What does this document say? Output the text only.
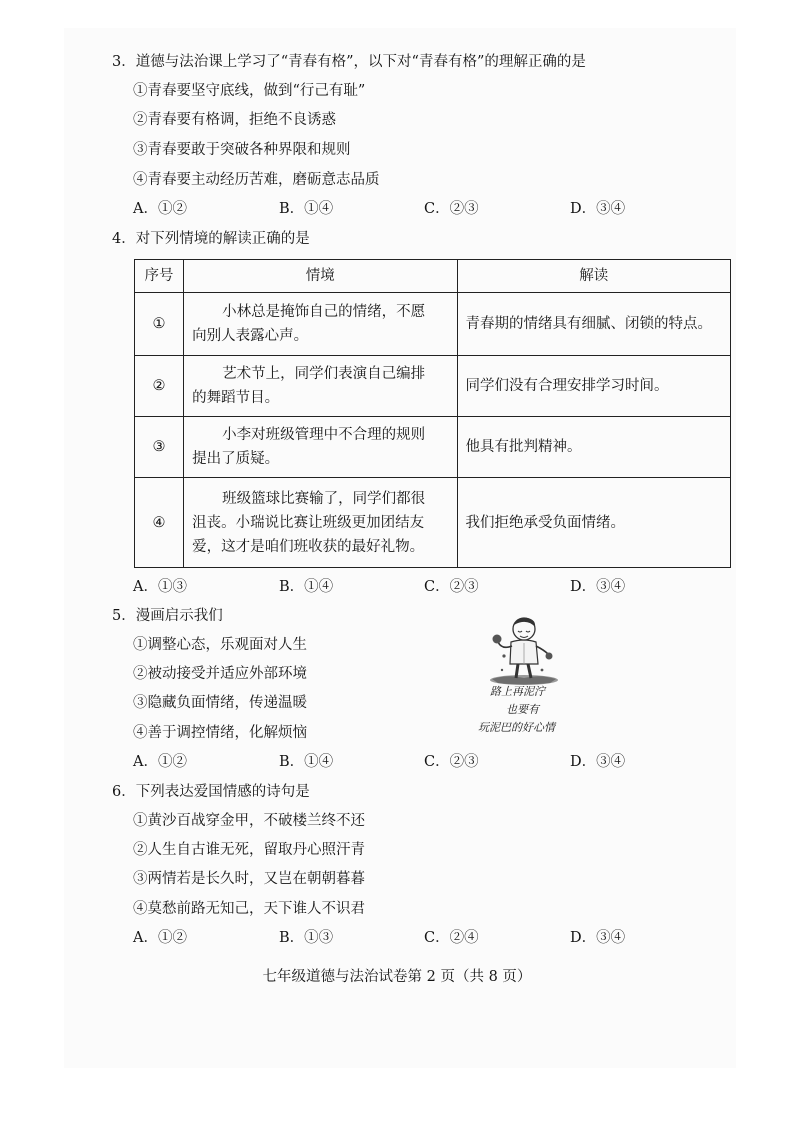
3．道德与法治课上学习了“青春有格”，以下对“青春有格”的理解正确的是
①青春要坚守底线，做到“行己有耻”
②青春要有格调，拒绝不良诱惑
③青春要敢于突破各种界限和规则
④青春要主动经历苦难，磨砺意志品质
A．①②	B．①④	C．②③	D．③④
4．对下列情境的解读正确的是
序号	情境	解读
①	小林总是掩饰自己的情绪，不愿
向别人表露心声。	青春期的情绪具有细腻、闭锁的特点。
②	艺术节上，同学们表演自己编排
的舞蹈节目。	同学们没有合理安排学习时间。
③	小李对班级管理中不合理的规则
提出了质疑。	他具有批判精神。
④	班级篮球比赛输了，同学们都很
沮丧。小瑞说比赛让班级更加团结友
爱，这才是咱们班收获的最好礼物。	我们拒绝承受负面情绪。
A．①③	B．①④	C．②③	D．③④
5．漫画启示我们
①调整心态，乐观面对人生
②被动接受并适应外部环境
③隐藏负面情绪，传递温暖
④善于调控情绪，化解烦恼
路上再泥泞
也要有
玩泥巴的好心情
A．①②	B．①④	C．②③	D．③④
6．下列表达爱国情感的诗句是
①黄沙百战穿金甲，不破楼兰终不还
②人生自古谁无死，留取丹心照汗青
③两情若是长久时，又岂在朝朝暮暮
④莫愁前路无知己，天下谁人不识君
A．①②	B．①③	C．②④	D．③④
七年级道德与法治试卷第 2 页（共 8 页）
